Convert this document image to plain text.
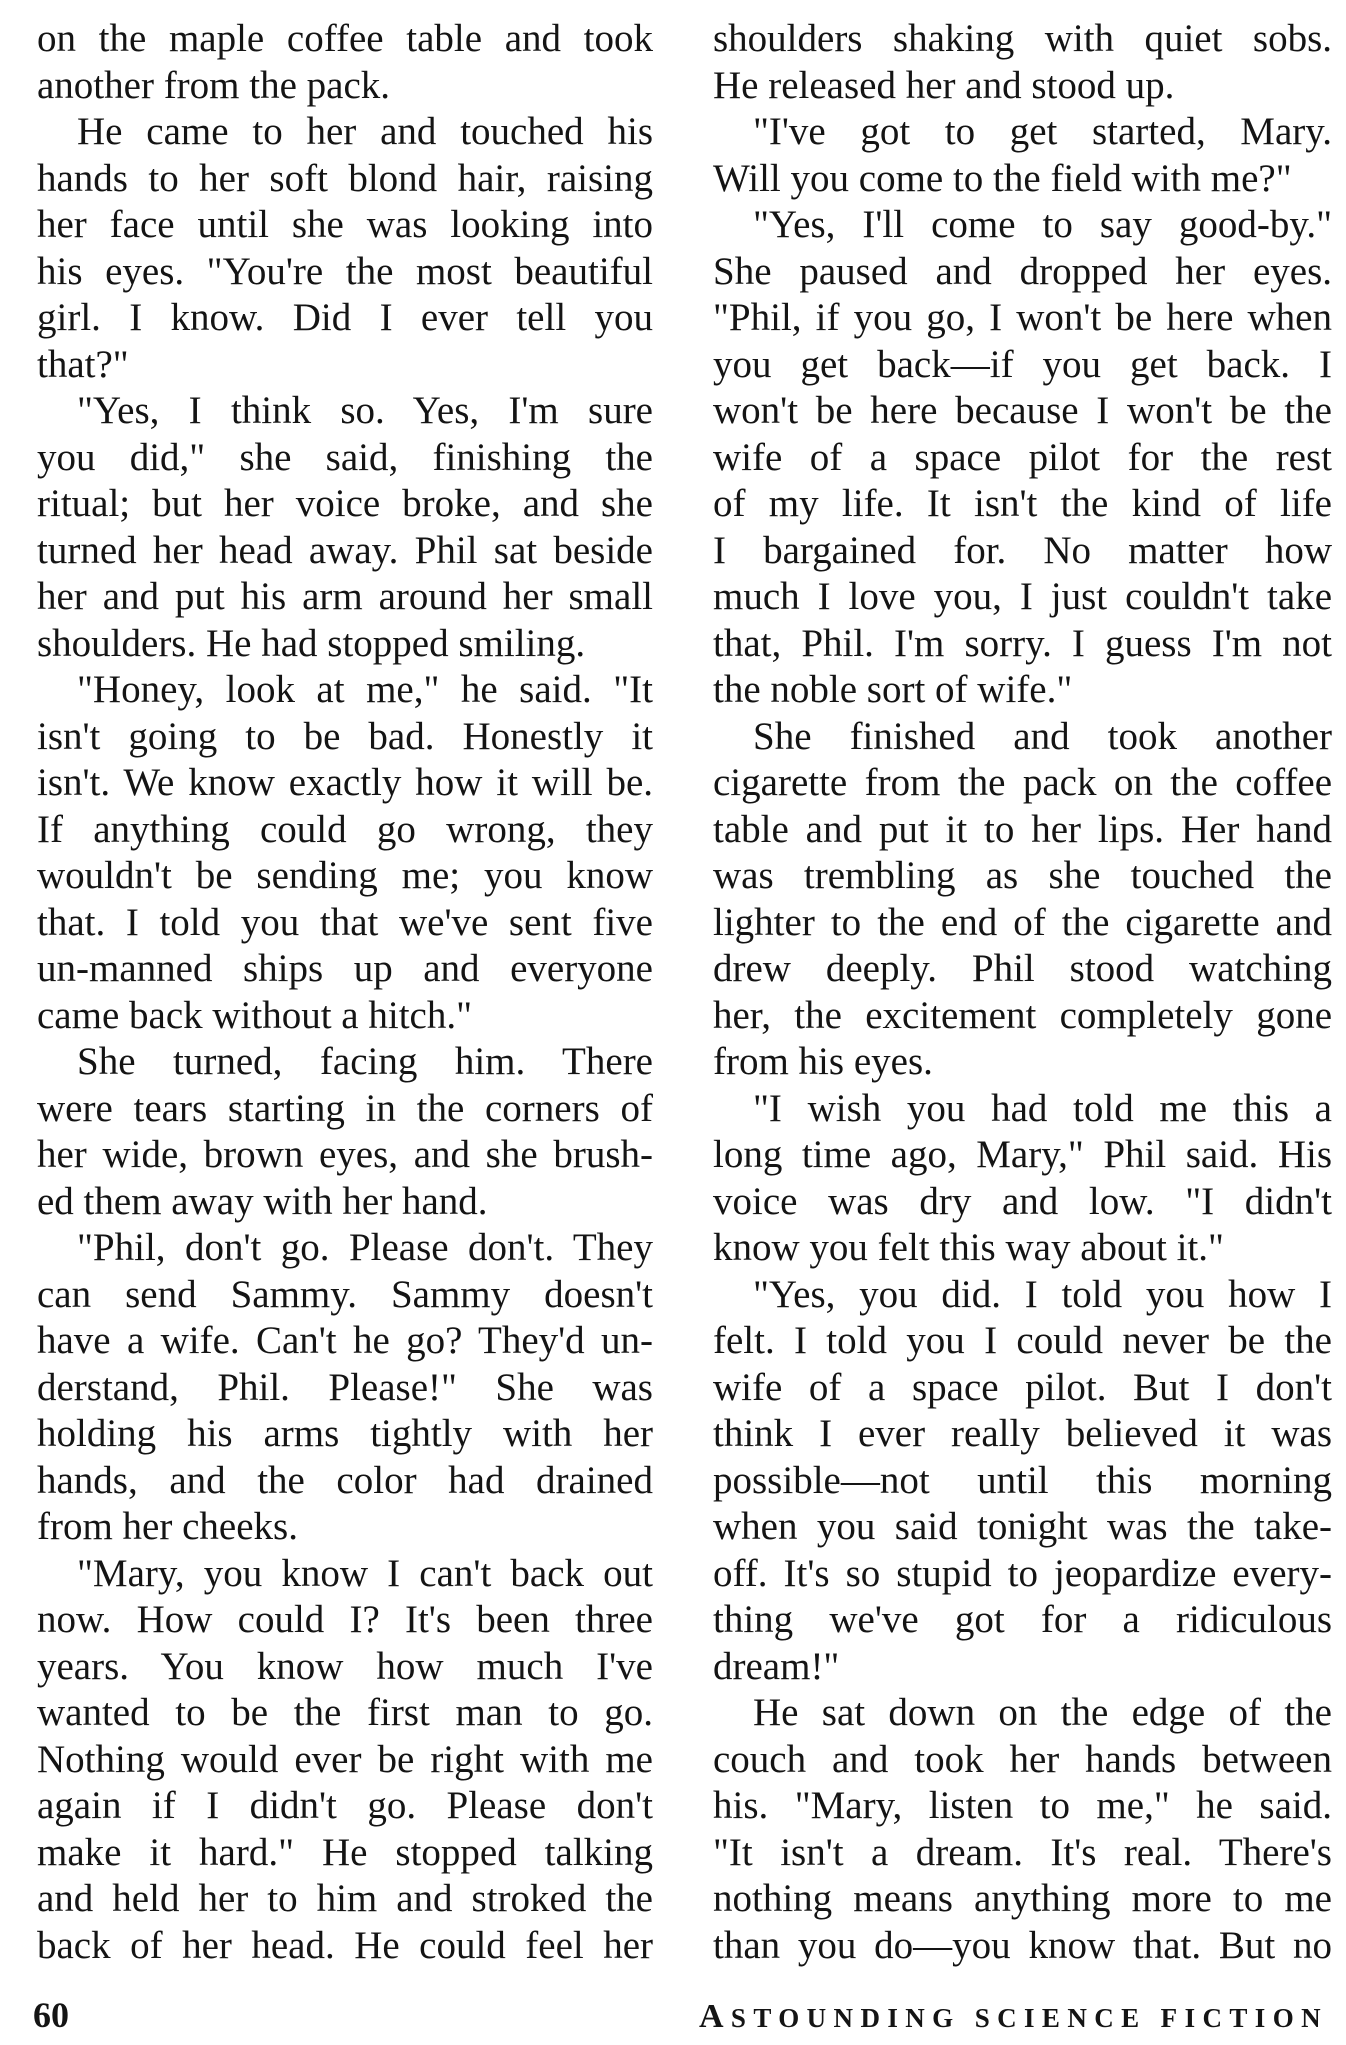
on the maple coffee table and took
another from the pack.
He came to her and touched his
hands to her soft blond hair, raising
her face until she was looking into
his eyes. "You're the most beautiful
girl. I know. Did I ever tell you
that?"
"Yes, I think so. Yes, I'm sure
you did," she said, finishing the
ritual; but her voice broke, and she
turned her head away. Phil sat beside
her and put his arm around her small
shoulders. He had stopped smiling.
"Honey, look at me," he said. "It
isn't going to be bad. Honestly it
isn't. We know exactly how it will be.
If anything could go wrong, they
wouldn't be sending me; you know
that. I told you that we've sent five
un-manned ships up and everyone
came back without a hitch."
She turned, facing him. There
were tears starting in the corners of
her wide, brown eyes, and she brush-
ed them away with her hand.
"Phil, don't go. Please don't. They
can send Sammy. Sammy doesn't
have a wife. Can't he go? They'd un-
derstand, Phil. Please!" She was
holding his arms tightly with her
hands, and the color had drained
from her cheeks.
"Mary, you know I can't back out
now. How could I? It's been three
years. You know how much I've
wanted to be the first man to go.
Nothing would ever be right with me
again if I didn't go. Please don't
make it hard." He stopped talking
and held her to him and stroked the
back of her head. He could feel her
shoulders shaking with quiet sobs.
He released her and stood up.
"I've got to get started, Mary.
Will you come to the field with me?"
"Yes, I'll come to say good-by."
She paused and dropped her eyes.
"Phil, if you go, I won't be here when
you get back—if you get back. I
won't be here because I won't be the
wife of a space pilot for the rest
of my life. It isn't the kind of life
I bargained for. No matter how
much I love you, I just couldn't take
that, Phil. I'm sorry. I guess I'm not
the noble sort of wife."
She finished and took another
cigarette from the pack on the coffee
table and put it to her lips. Her hand
was trembling as she touched the
lighter to the end of the cigarette and
drew deeply. Phil stood watching
her, the excitement completely gone
from his eyes.
"I wish you had told me this a
long time ago, Mary," Phil said. His
voice was dry and low. "I didn't
know you felt this way about it."
"Yes, you did. I told you how I
felt. I told you I could never be the
wife of a space pilot. But I don't
think I ever really believed it was
possible—not until this morning
when you said tonight was the take-
off. It's so stupid to jeopardize every-
thing we've got for a ridiculous
dream!"
He sat down on the edge of the
couch and took her hands between
his. "Mary, listen to me," he said.
"It isn't a dream. It's real. There's
nothing means anything more to me
than you do—you know that. But no
60	ASTOUNDING SCIENCE FICTION
